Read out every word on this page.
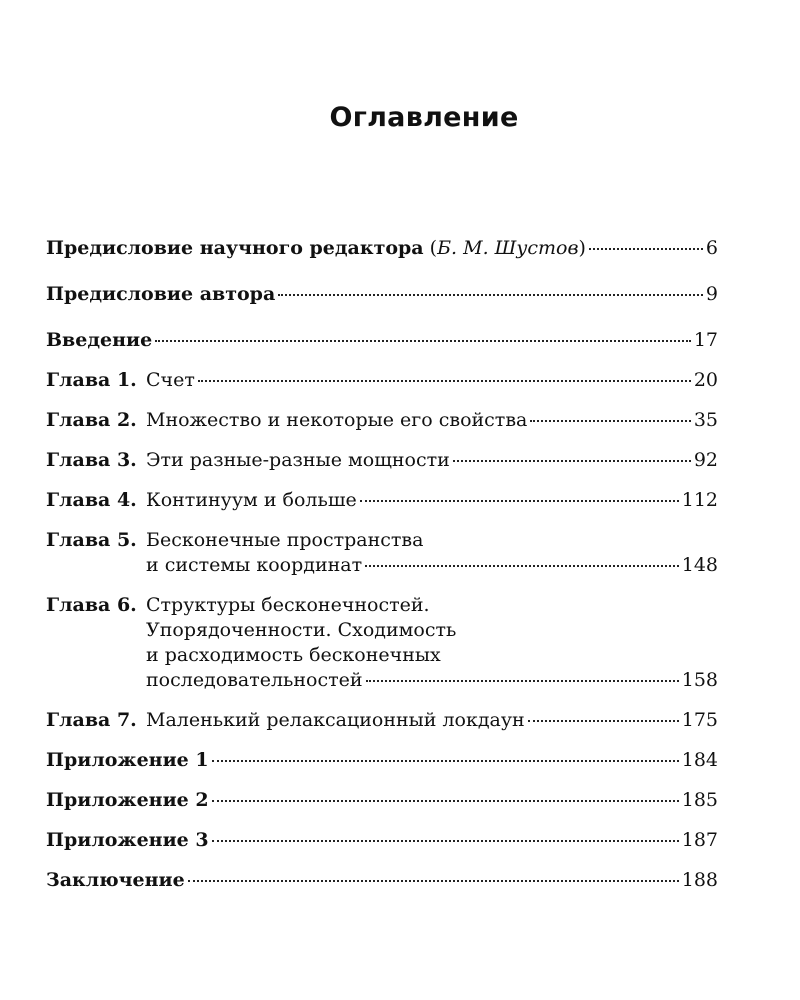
Оглавление
Предисловие научного редактора (Б. М. Шустов)	6
Предисловие автора	9
Введение	17
Глава 1. Счет	20
Глава 2. Множество и некоторые его свойства	35
Глава 3. Эти разные-разные мощности	92
Глава 4. Континуум и больше	112
Глава 5. Бесконечные пространства
и системы координат	148
Глава 6. Структуры бесконечностей.
Упорядоченности. Сходимость
и расходимость бесконечных
последовательностей	158
Глава 7. Маленький релаксационный локдаун	175
Приложение 1	184
Приложение 2	185
Приложение 3	187
Заключение	188
